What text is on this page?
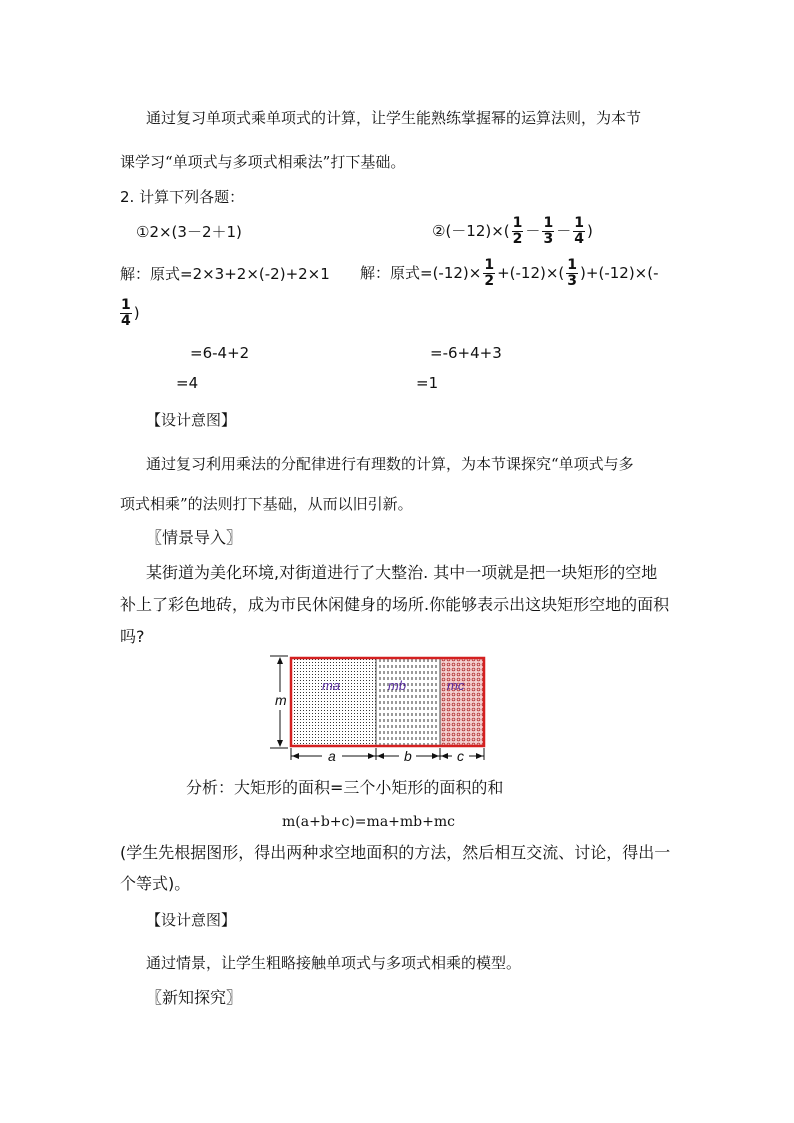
通过复习单项式乘单项式的计算，让学生能熟练掌握幂的运算法则，为本节
课学习“单项式与多项式相乘法”打下基础。
2. 计算下列各题：
①2×(3－2＋1)	②(－12)×( $\frac{1}{2} - \frac{1}{3} - \frac{1}{4}$ )
解：原式=2×3+2×(-2)+2×1 解：原式$=(-12)\times \frac{1}{2} +(-12)\times( \frac{1}{3} )+(-12)\times(-$
$\frac{1}{4}$ )
=6-4+2	=-6+4+3
=4	=1
【设计意图】
通过复习利用乘法的分配律进行有理数的计算，为本节课探究“单项式与多
项式相乘”的法则打下基础，从而以旧引新。
〖情景导入〗
某街道为美化环境,对街道进行了大整治. 其中一项就是把一块矩形的空地
补上了彩色地砖，成为市民休闲健身的场所.你能够表示出这块矩形空地的面积
吗?
m
a	b	c
ma	mb	mc
分析：大矩形的面积=三个小矩形的面积的和
m(a+b+c)=ma+mb+mc
(学生先根据图形，得出两种求空地面积的方法，然后相互交流、讨论，得出一
个等式)。
【设计意图】
通过情景，让学生粗略接触单项式与多项式相乘的模型。
〖新知探究〗
